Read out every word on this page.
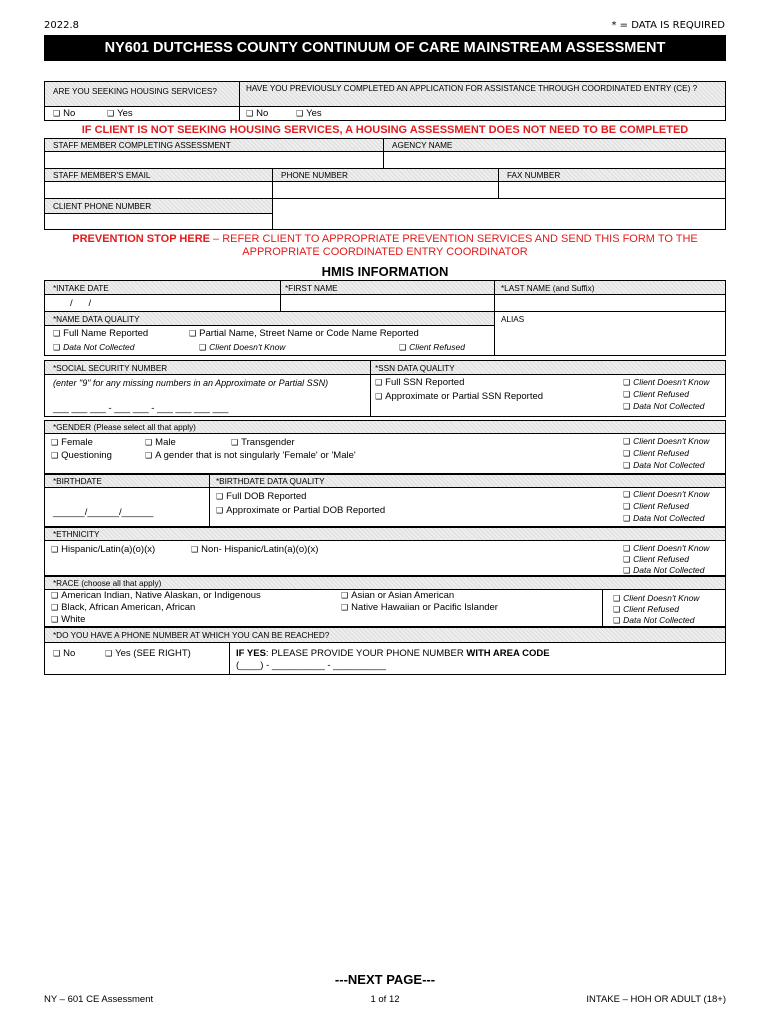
2022.8	* = DATA IS REQUIRED
NY601 DUTCHESS COUNTY CONTINUUM OF CARE MAINSTREAM ASSESSMENT
ARE YOU SEEKING HOUSING SERVICES?	HAVE YOU PREVIOUSLY COMPLETED AN APPLICATION FOR ASSISTANCE THROUGH COORDINATED ENTRY (CE) ?
❑ No	❑ Yes	❑ No	❑ Yes
IF CLIENT IS NOT SEEKING HOUSING SERVICES, A HOUSING ASSESSMENT DOES NOT NEED TO BE COMPLETED
STAFF MEMBER COMPLETING ASSESSMENT	AGENCY NAME
STAFF MEMBER'S EMAIL	PHONE NUMBER	FAX NUMBER
CLIENT PHONE NUMBER
PREVENTION STOP HERE – REFER CLIENT TO APPROPRIATE PREVENTION SERVICES AND SEND THIS FORM TO THE
APPROPRIATE COORDINATED ENTRY COORDINATOR
HMIS INFORMATION
*INTAKE DATE	*FIRST NAME	*LAST NAME (and Suffix)
/      /
*NAME DATA QUALITY	ALIAS
❑ Full Name Reported	❑ Partial Name, Street Name or Code Name Reported
❑ Data Not Collected	❑ Client Doesn't Know	❑ Client Refused
*SOCIAL SECURITY NUMBER	*SSN DATA QUALITY
(enter "9" for any missing numbers in an Approximate or Partial SSN)
___ ___ ___ - ___ ___ - ___ ___ ___ ___
❑ Full SSN Reported
❑ Approximate or Partial SSN Reported
❑ Client Doesn't Know
❑ Client Refused
❑ Data Not Collected
*GENDER (Please select all that apply)
❑ Female	❑ Male	❑ Transgender
❑ Questioning	❑ A gender that is not singularly 'Female' or 'Male'
❑ Client Doesn't Know
❑ Client Refused
❑ Data Not Collected
*BIRTHDATE	*BIRTHDATE DATA QUALITY
______/______/______
❑ Full DOB Reported
❑ Approximate or Partial DOB Reported
❑ Client Doesn't Know
❑ Client Refused
❑ Data Not Collected
*ETHNICITY
❑ Hispanic/Latin(a)(o)(x)	❑ Non- Hispanic/Latin(a)(o)(x)	❑ Client Doesn't Know
❑ Client Refused
❑ Data Not Collected
*RACE (choose all that apply)
❑ American Indian, Native Alaskan, or Indigenous
❑ Black, African American, African
❑ White
❑ Asian or Asian American
❑ Native Hawaiian or Pacific Islander
❑ Client Doesn't Know
❑ Client Refused
❑ Data Not Collected
*DO YOU HAVE A PHONE NUMBER AT WHICH YOU CAN BE REACHED?
❑ No	❑ Yes (SEE RIGHT)	IF YES: PLEASE PROVIDE YOUR PHONE NUMBER WITH AREA CODE
(____) - __________ - __________
---NEXT PAGE---
NY – 601 CE Assessment	1 of 12	INTAKE – HOH OR ADULT (18+)
